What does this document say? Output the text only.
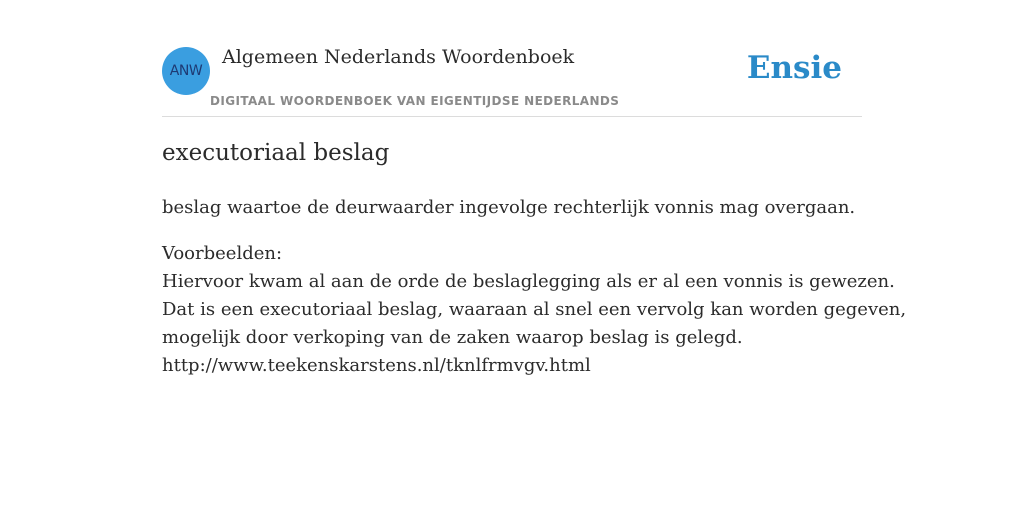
ANW
Algemeen Nederlands Woordenboek
DIGITAAL WOORDENBOEK VAN EIGENTIJDSE NEDERLANDS
Ensie
executoriaal beslag
beslag waartoe de deurwaarder ingevolge rechterlijk vonnis mag overgaan.
Voorbeelden:
Hiervoor kwam al aan de orde de beslaglegging als er al een vonnis is gewezen.
Dat is een executoriaal beslag, waaraan al snel een vervolg kan worden gegeven,
mogelijk door verkoping van de zaken waarop beslag is gelegd.
http://www.teekenskarstens.nl/tknlfrmvgv.html
